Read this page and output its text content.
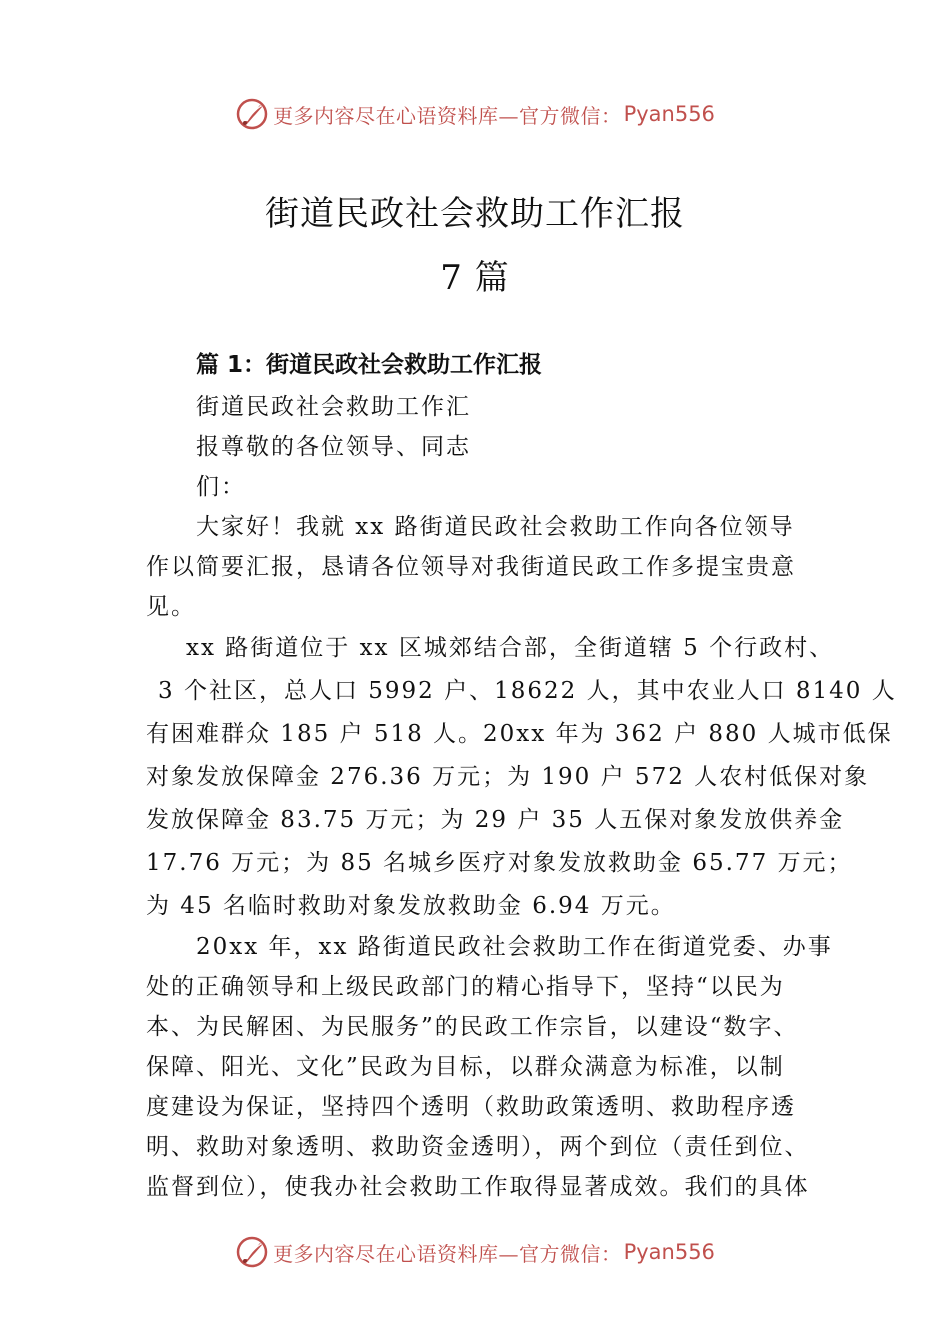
更多内容尽在心语资料库—官方微信： Pyan556
街道民政社会救助工作汇报
7 篇
篇 1：街道民政社会救助工作汇报
街道民政社会救助工作汇
报尊敬的各位领导、同志
们：
大家好！我就 xx 路街道民政社会救助工作向各位领导
作以简要汇报，恳请各位领导对我街道民政工作多提宝贵意
见。
xx 路街道位于 xx 区城郊结合部，全街道辖 5 个行政村、
3 个社区，总人口 5992 户、18622 人，其中农业人口 8140 人
有困难群众 185 户 518 人。20xx 年为 362 户 880 人城市低保
对象发放保障金 276.36 万元；为 190 户 572 人农村低保对象
发放保障金 83.75 万元；为 29 户 35 人五保对象发放供养金
17.76 万元；为 85 名城乡医疗对象发放救助金 65.77 万元；
为 45 名临时救助对象发放救助金 6.94 万元。
20xx 年，xx 路街道民政社会救助工作在街道党委、办事
处的正确领导和上级民政部门的精心指导下，坚持“以民为
本、为民解困、为民服务”的民政工作宗旨，以建设“数字、
保障、阳光、文化”民政为目标，以群众满意为标准，以制
度建设为保证，坚持四个透明（救助政策透明、救助程序透
明、救助对象透明、救助资金透明），两个到位（责任到位、
监督到位），使我办社会救助工作取得显著成效。我们的具体
更多内容尽在心语资料库—官方微信： Pyan556
